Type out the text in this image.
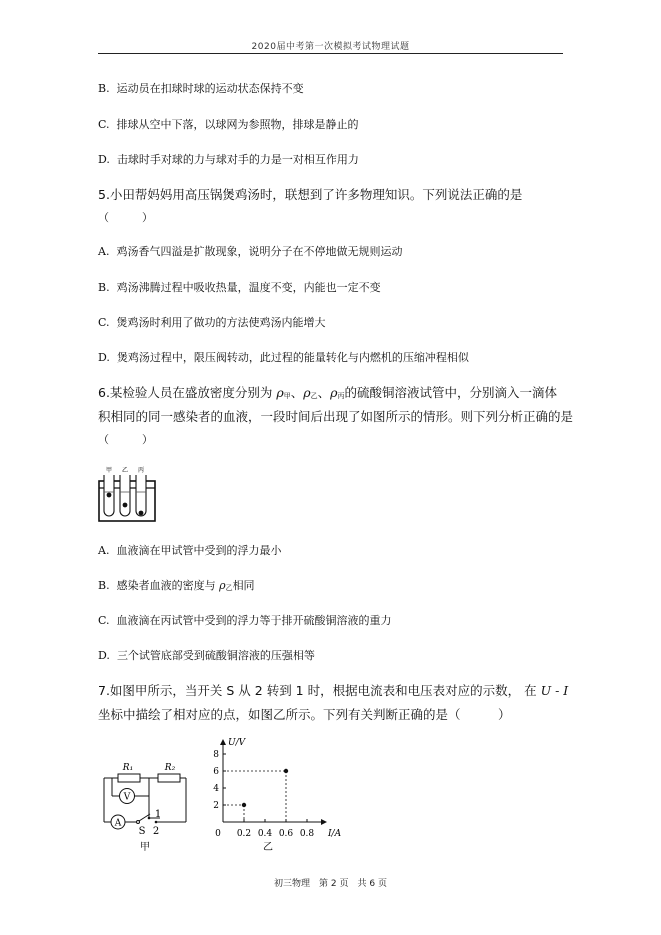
2020届中考第一次模拟考试物理试题
B. 运动员在扣球时球的运动状态保持不变
C. 排球从空中下落，以球网为参照物，排球是静止的
D. 击球时手对球的力与球对手的力是一对相互作用力
5.小田帮妈妈用高压锅煲鸡汤时，联想到了许多物理知识。下列说法正确的是
（　　　）
A. 鸡汤香气四溢是扩散现象，说明分子在不停地做无规则运动
B. 鸡汤沸腾过程中吸收热量，温度不变，内能也一定不变
C. 煲鸡汤时利用了做功的方法使鸡汤内能增大
D. 煲鸡汤过程中，限压阀转动，此过程的能量转化与内燃机的压缩冲程相似
6.某检验人员在盛放密度分别为 ρ甲、ρ乙、ρ丙的硫酸铜溶液试管中，分别滴入一滴体
积相同的同一感染者的血液，一段时间后出现了如图所示的情形。则下列分析正确的是
（　　　）
甲 乙 丙
A. 血液滴在甲试管中受到的浮力最小
B. 感染者血液的密度与 ρ乙相同
C. 血液滴在丙试管中受到的浮力等于排开硫酸铜溶液的重力
D. 三个试管底部受到硫酸铜溶液的压强相等
7.如图甲所示，当开关 S 从 2 转到 1 时，根据电流表和电压表对应的示数， 在 U - I
坐标中描绘了相对应的点，如图乙所示。下列有关判断正确的是（　　　）
R₁	R₂
V
1
A
S 2
甲
U/V
I/A
0
乙
2
4
6
8
0.2 0.4 0.6 0.8
初三物理　第 2 页　共 6 页
